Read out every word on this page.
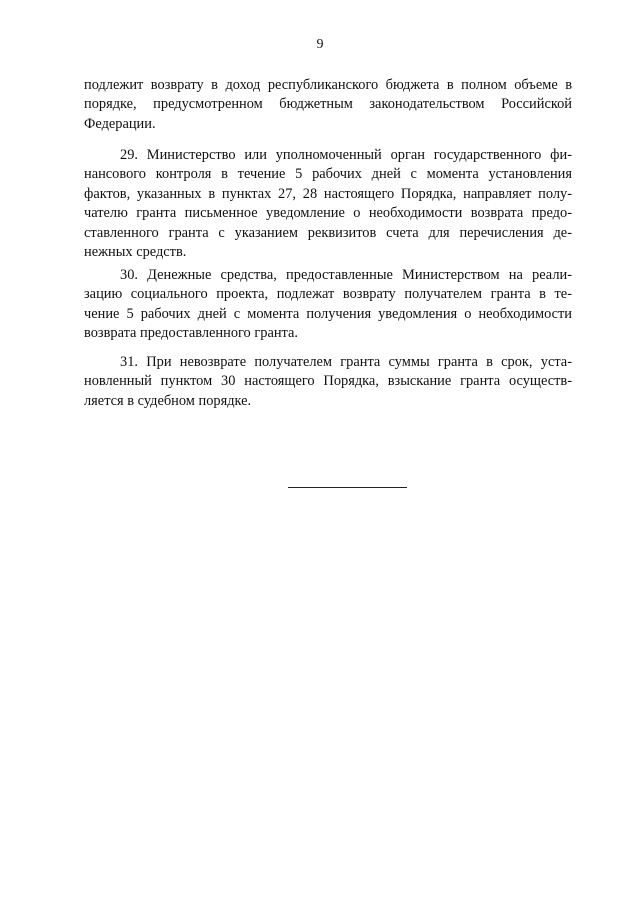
9
подлежит возврату в доход республиканского бюджета в полном объеме в
порядке, предусмотренном бюджетным законодательством Российской
Федерации.
29. Министерство или уполномоченный орган государственного фи-
нансового контроля в течение 5 рабочих дней с момента установления
фактов, указанных в пунктах 27, 28 настоящего Порядка, направляет полу-
чателю гранта письменное уведомление о необходимости возврата предо-
ставленного гранта с указанием реквизитов счета для перечисления де-
нежных средств.
30. Денежные средства, предоставленные Министерством на реали-
зацию социального проекта, подлежат возврату получателем гранта в те-
чение 5 рабочих дней с момента получения уведомления о необходимости
возврата предоставленного гранта.
31. При невозврате получателем гранта суммы гранта в срок, уста-
новленный пунктом 30 настоящего Порядка, взыскание гранта осуществ-
ляется в судебном порядке.
